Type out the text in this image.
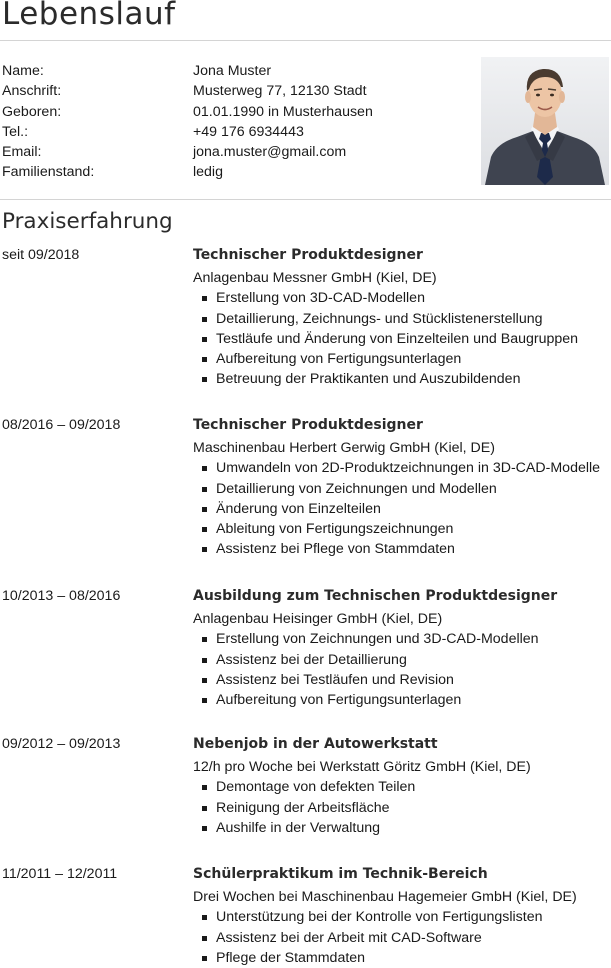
Lebenslauf
Name:	Jona Muster
Anschrift:	Musterweg 77, 12130 Stadt
Geboren:	01.01.1990 in Musterhausen
Tel.:	+49 176 6934443
Email:	jona.muster@gmail.com
Familienstand:	ledig
Praxiserfahrung
seit 09/2018	Technischer Produktdesigner
Anlagenbau Messner GmbH (Kiel, DE)
Erstellung von 3D-CAD-Modellen
Detaillierung, Zeichnungs- und Stücklistenerstellung
Testläufe und Änderung von Einzelteilen und Baugruppen
Aufbereitung von Fertigungsunterlagen
Betreuung der Praktikanten und Auszubildenden
08/2016 – 09/2018	Technischer Produktdesigner
Maschinenbau Herbert Gerwig GmbH (Kiel, DE)
Umwandeln von 2D-Produktzeichnungen in 3D-CAD-Modelle
Detaillierung von Zeichnungen und Modellen
Änderung von Einzelteilen
Ableitung von Fertigungszeichnungen
Assistenz bei Pflege von Stammdaten
10/2013 – 08/2016	Ausbildung zum Technischen Produktdesigner
Anlagenbau Heisinger GmbH (Kiel, DE)
Erstellung von Zeichnungen und 3D-CAD-Modellen
Assistenz bei der Detaillierung
Assistenz bei Testläufen und Revision
Aufbereitung von Fertigungsunterlagen
09/2012 – 09/2013	Nebenjob in der Autowerkstatt
12/h pro Woche bei Werkstatt Göritz GmbH (Kiel, DE)
Demontage von defekten Teilen
Reinigung der Arbeitsfläche
Aushilfe in der Verwaltung
11/2011 – 12/2011	Schülerpraktikum im Technik-Bereich
Drei Wochen bei Maschinenbau Hagemeier GmbH (Kiel, DE)
Unterstützung bei der Kontrolle von Fertigungslisten
Assistenz bei der Arbeit mit CAD-Software
Pflege der Stammdaten
